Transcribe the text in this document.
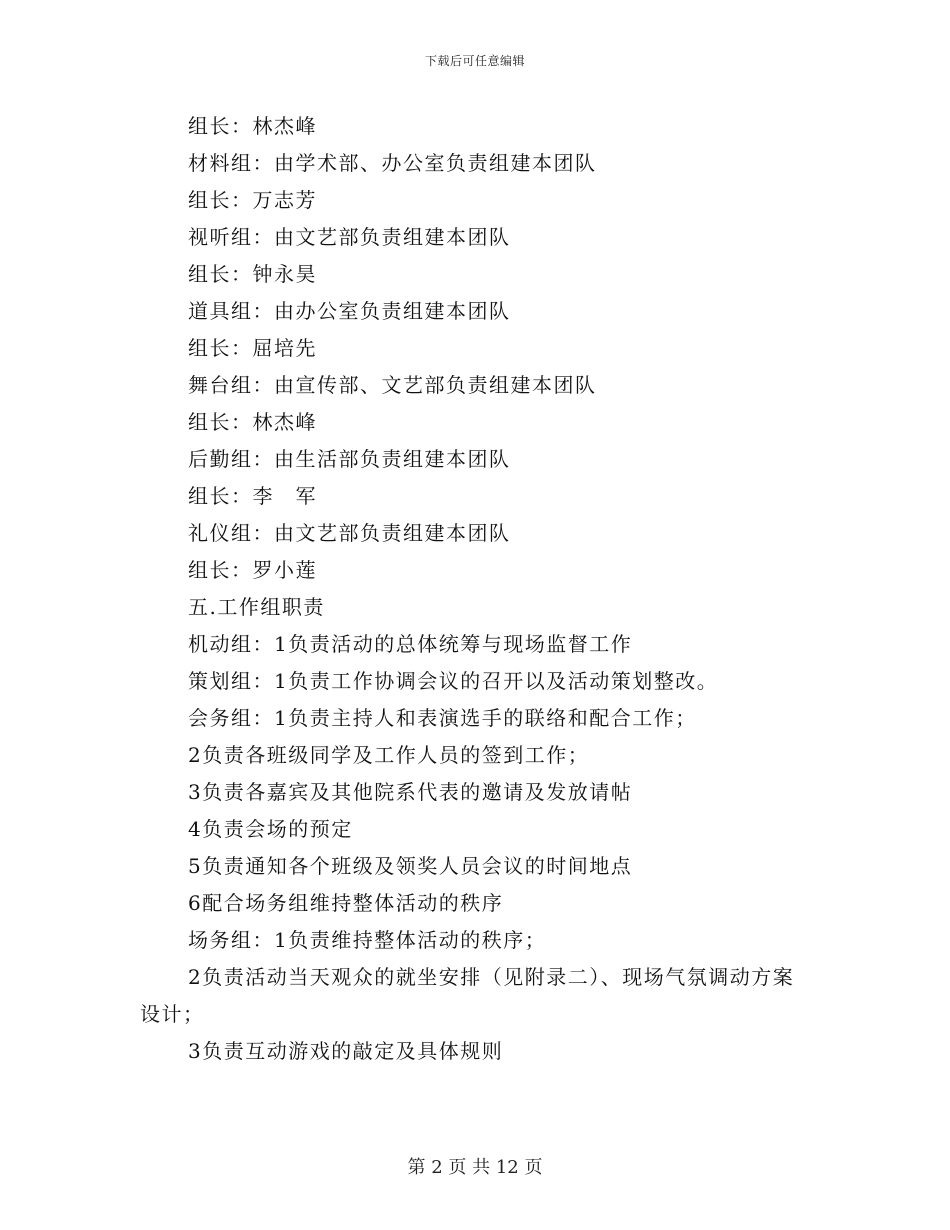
下载后可任意编辑
组长：林杰峰
材料组：由学术部、办公室负责组建本团队
组长：万志芳
视听组：由文艺部负责组建本团队
组长：钟永昊
道具组：由办公室负责组建本团队
组长：屈培先
舞台组：由宣传部、文艺部负责组建本团队
组长：林杰峰
后勤组：由生活部负责组建本团队
组长：李　军
礼仪组：由文艺部负责组建本团队
组长：罗小莲
五.工作组职责
机动组：1负责活动的总体统筹与现场监督工作
策划组：1负责工作协调会议的召开以及活动策划整改。
会务组：1负责主持人和表演选手的联络和配合工作；
2负责各班级同学及工作人员的签到工作；
3负责各嘉宾及其他院系代表的邀请及发放请帖
4负责会场的预定
5负责通知各个班级及领奖人员会议的时间地点
6配合场务组维持整体活动的秩序
场务组：1负责维持整体活动的秩序；
2负责活动当天观众的就坐安排（见附录二）、现场气氛调动方案
设计；
3负责互动游戏的敲定及具体规则
第 2 页 共 12 页
